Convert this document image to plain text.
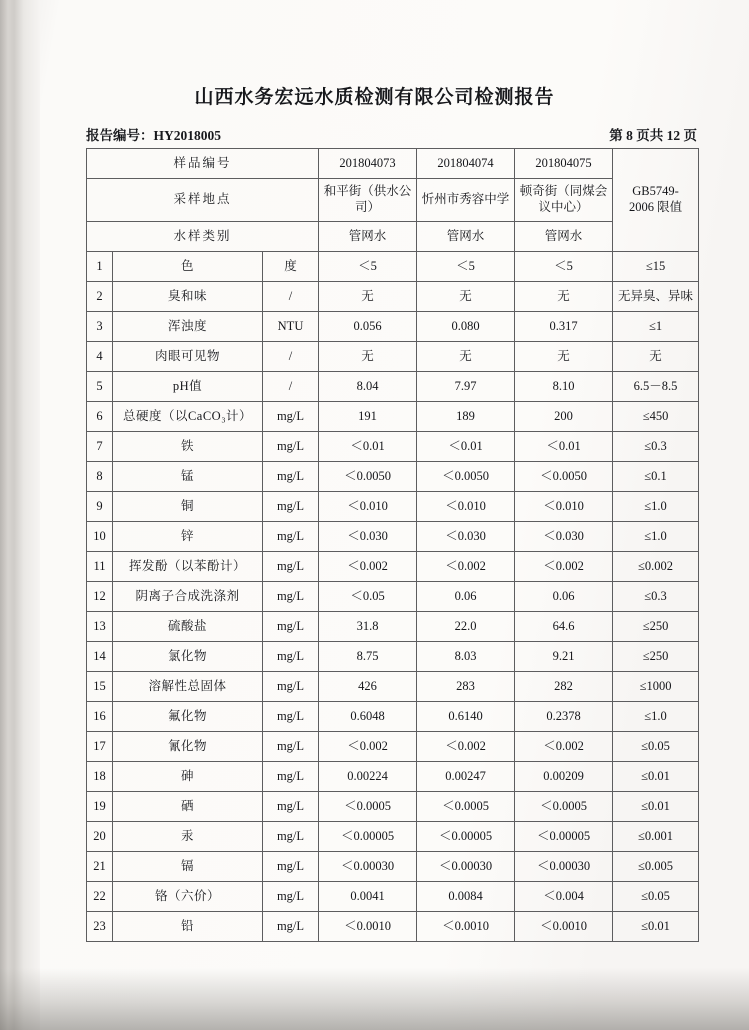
山西水务宏远水质检测有限公司检测报告
报告编号：HY2018005	第 8 页共 12 页
样品编号			201804073	201804074	201804075	GB5749-
2006 限值
采样地点			和平街（供水公司）	忻州市秀容中学	顿奇街（同煤会议中心）	
水样类别			管网水	管网水	管网水	
1	色	度	＜5	＜5	＜5	≤15
2	臭和味	/	无	无	无	无异臭、异味
3	浑浊度	NTU	0.056	0.080	0.317	≤1
4	肉眼可见物	/	无	无	无	无
5	pH值	/	8.04	7.97	8.10	6.5－8.5
6	总硬度（以CaCO₃计）	mg/L	191	189	200	≤450
7	铁	mg/L	＜0.01	＜0.01	＜0.01	≤0.3
8	锰	mg/L	＜0.0050	＜0.0050	＜0.0050	≤0.1
9	铜	mg/L	＜0.010	＜0.010	＜0.010	≤1.0
10	锌	mg/L	＜0.030	＜0.030	＜0.030	≤1.0
11	挥发酚（以苯酚计）	mg/L	＜0.002	＜0.002	＜0.002	≤0.002
12	阴离子合成洗涤剂	mg/L	＜0.05	0.06	0.06	≤0.3
13	硫酸盐	mg/L	31.8	22.0	64.6	≤250
14	氯化物	mg/L	8.75	8.03	9.21	≤250
15	溶解性总固体	mg/L	426	283	282	≤1000
16	氟化物	mg/L	0.6048	0.6140	0.2378	≤1.0
17	氰化物	mg/L	＜0.002	＜0.002	＜0.002	≤0.05
18	砷	mg/L	0.00224	0.00247	0.00209	≤0.01
19	硒	mg/L	＜0.0005	＜0.0005	＜0.0005	≤0.01
20	汞	mg/L	＜0.00005	＜0.00005	＜0.00005	≤0.001
21	镉	mg/L	＜0.00030	＜0.00030	＜0.00030	≤0.005
22	铬（六价）	mg/L	0.0041	0.0084	＜0.004	≤0.05
23	铅	mg/L	＜0.0010	＜0.0010	＜0.0010	≤0.01
